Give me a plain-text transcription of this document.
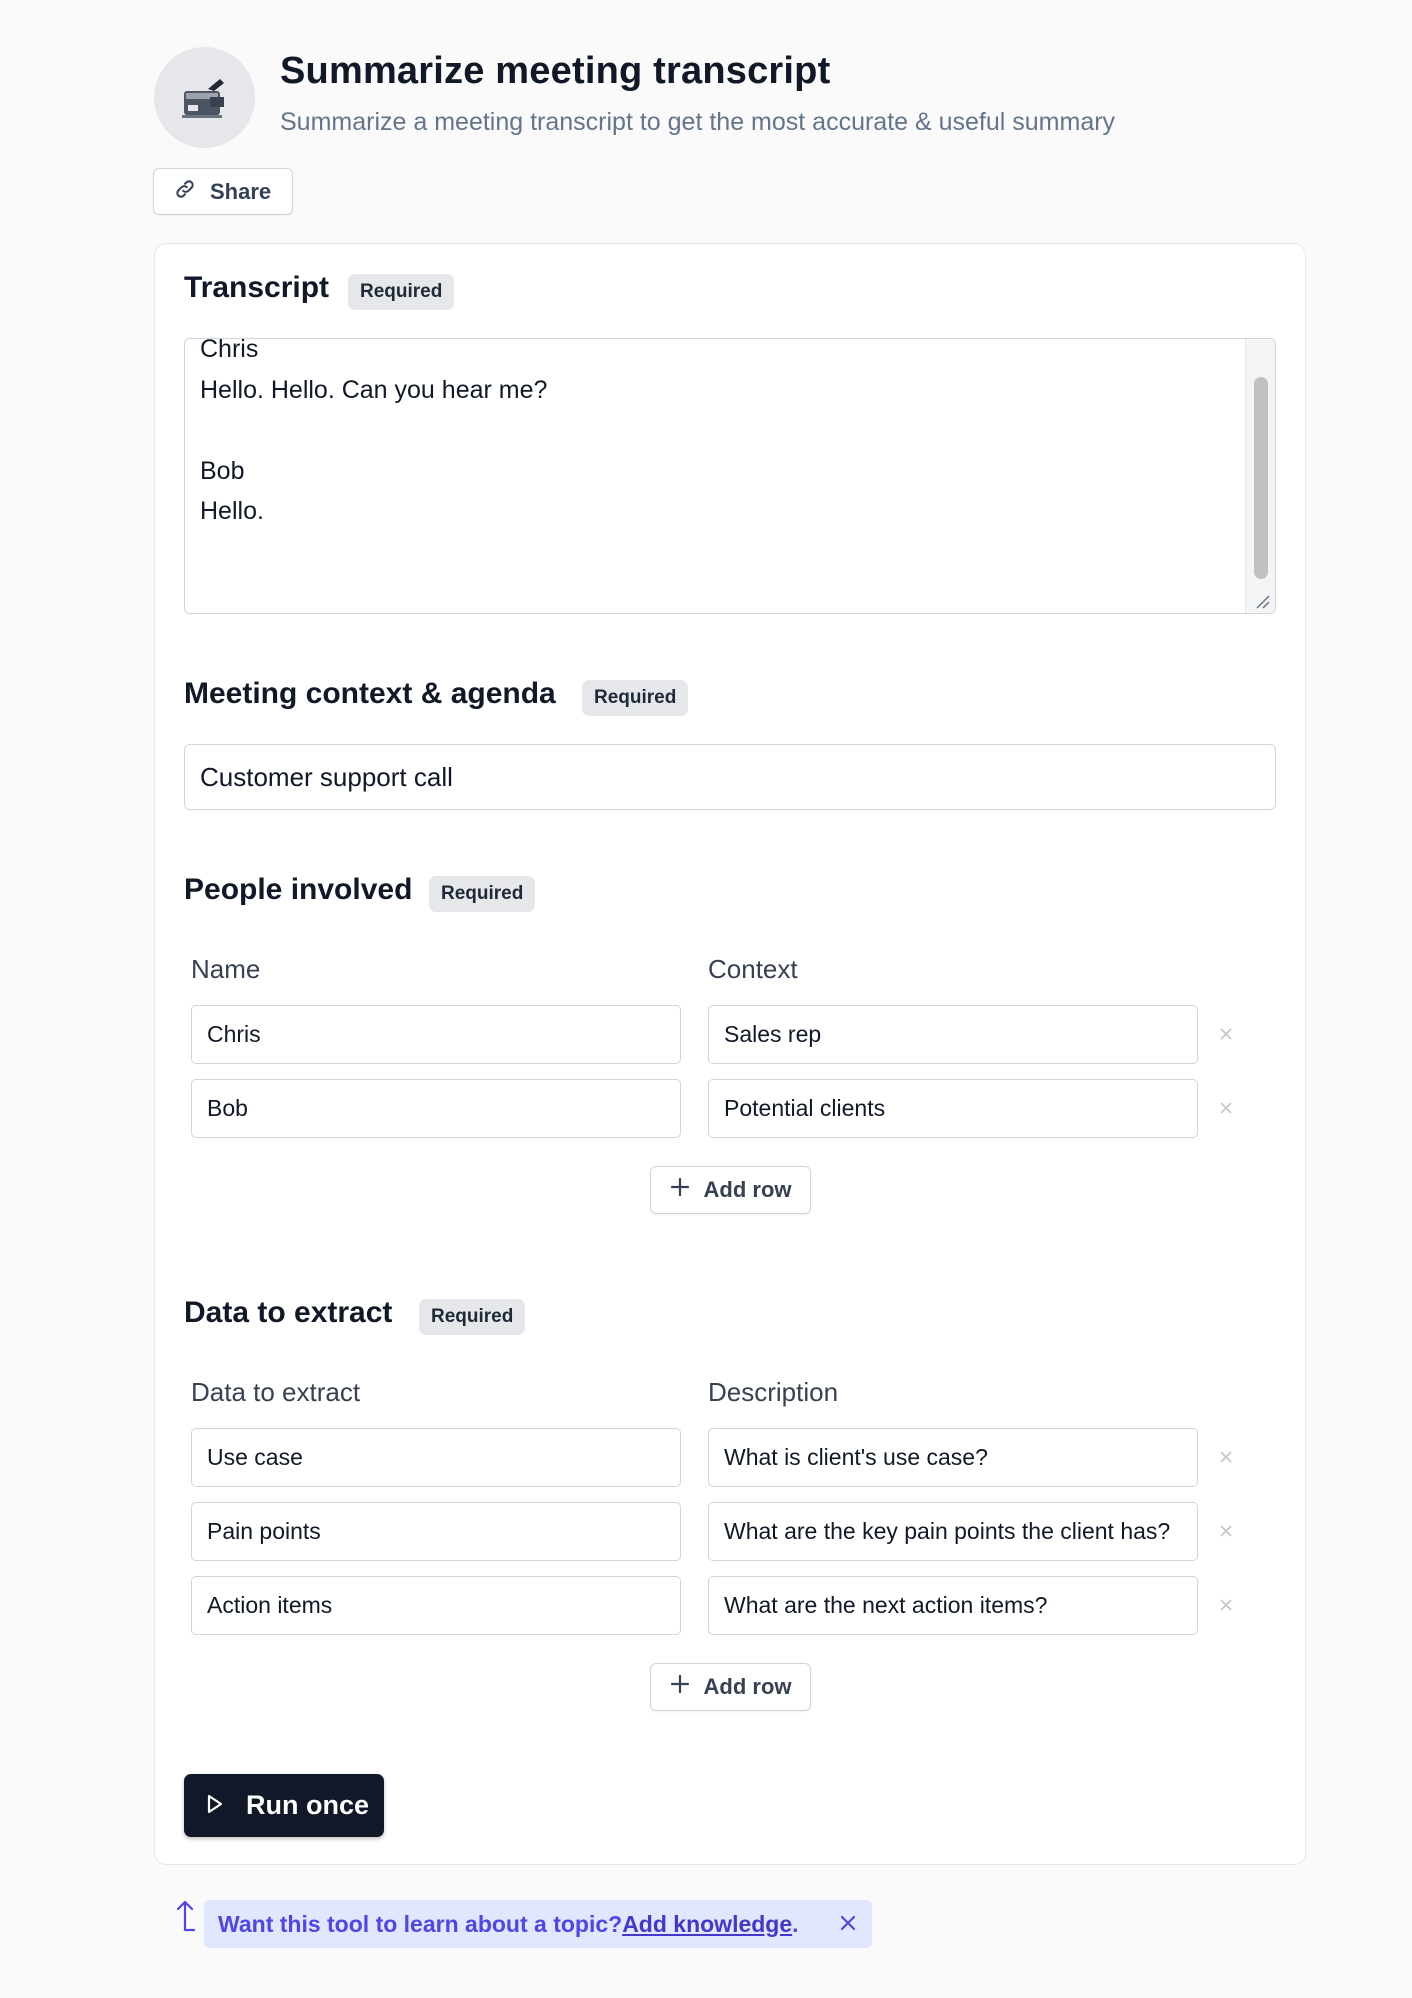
Summarize meeting transcript
Summarize a meeting transcript to get the most accurate & useful summary
Share
Transcript	Required
Chris
Hello. Hello. Can you hear me?

Bob
Hello.
Meeting context & agenda	Required
Customer support call
People involved	Required
Name	Context
Chris	Sales rep
Bob	Potential clients
Add row
Data to extract	Required
Data to extract	Description
Use case	What is client's use case?
Pain points	What are the key pain points the client has?
Action items	What are the next action items?
Add row
Run once
Want this tool to learn about a topic? Add knowledge .
